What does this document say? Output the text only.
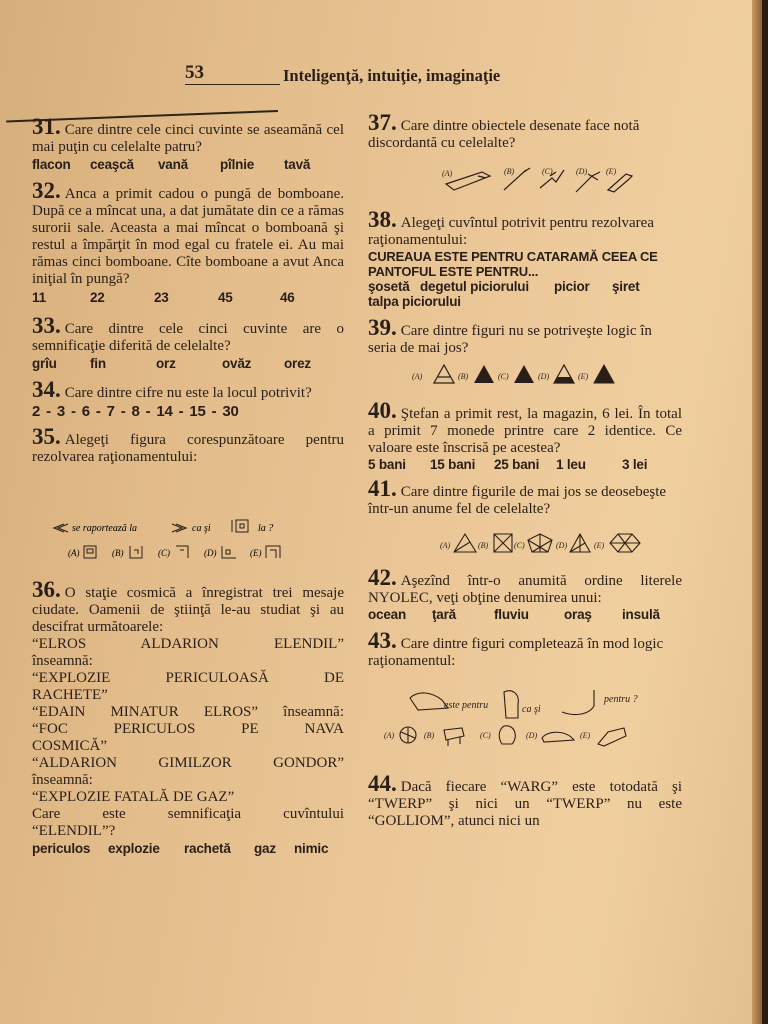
53	Inteligenţă, intuiţie, imaginaţie

31. Care dintre cele cinci cuvinte se aseamănă cel mai puţin cu celelalte patru?

flacon ceaşcă vană pîlnie tavă

32. Anca a primit cadou o pungă de bomboane. După ce a mîncat una, a dat jumătate din ce a rămas surorii sale. Aceasta a mai mîncat o bomboană şi restul a împărţit în mod egal cu fratele ei. Au mai rămas cinci bomboane. Cîte bomboane a avut Anca iniţial în pungă?

11	22	23	45	46

33. Care dintre cele cinci cuvinte are o semnificaţie diferită de celelalte?

grîu fin	orz	ovăz orez

34. Care dintre cifre nu este la locul potrivit?

2 - 3 - 6 - 7 - 8 - 14 - 15 - 30

35. Alegeţi figura corespunzătoare pentru rezolvarea raţionamentului:

se raportează la	ca şi	la ?
(A)	(B)	(C)	(D)	(E)

36. O staţie cosmică a înregistrat trei mesaje ciudate. Oamenii de ştiinţă le-au studiat şi au descifrat următoarele:

“ELROS ALDARION ELENDIL”
înseamnă:
“EXPLOZIE PERICULOASĂ DE
RACHETE”
“EDAIN MINATUR ELROS” înseamnă:
“FOC PERICULOS PE NAVA
COSMICĂ”
“ALDARION GIMILZOR GONDOR”
înseamnă:
“EXPLOZIE FATALĂ DE GAZ”
Care este semnificaţia cuvîntului
“ELENDIL”?
periculos explozie rachetă gaz nimic

37. Care dintre obiectele desenate face notă discordantă cu celelalte?

(A)	(B)	(C)	(D) (E)

38. Alegeţi cuvîntul potrivit pentru rezolvarea raţionamentului:

CUREAUA ESTE PENTRU CATARAMĂ CEEA CE
PANTOFUL ESTE PENTRU...
şosetă degetul piciorului picior şiret
talpa piciorului

39. Care dintre figuri nu se potriveşte logic în seria de mai jos?

(A)	(B)	(C)	(D)	(E)

40. Ştefan a primit rest, la magazin, 6 lei. În total a primit 7 monede printre care 2 identice. Ce valoare este înscrisă pe acestea?

5 bani 15 bani 25 bani 1 leu	3 lei

41. Care dintre figurile de mai jos se deosebeşte într-un anume fel de celelalte?

(A)	(B)	(C)	(D)	(E)

42. Aşezînd într-o anumită ordine literele NYOLEC, veţi obţine denumirea unui:

ocean ţară	fluviu	oraş insulă

43. Care dintre figuri completează în mod logic raţionamentul:

este pentru	ca şi
pentru ?
(A)	(B)	(C)	(D)	(E)

44. Dacă fiecare “WARG” este totodată şi “TWERP” şi nici un “TWERP” nu este “GOLLIOM”, atunci nici un
